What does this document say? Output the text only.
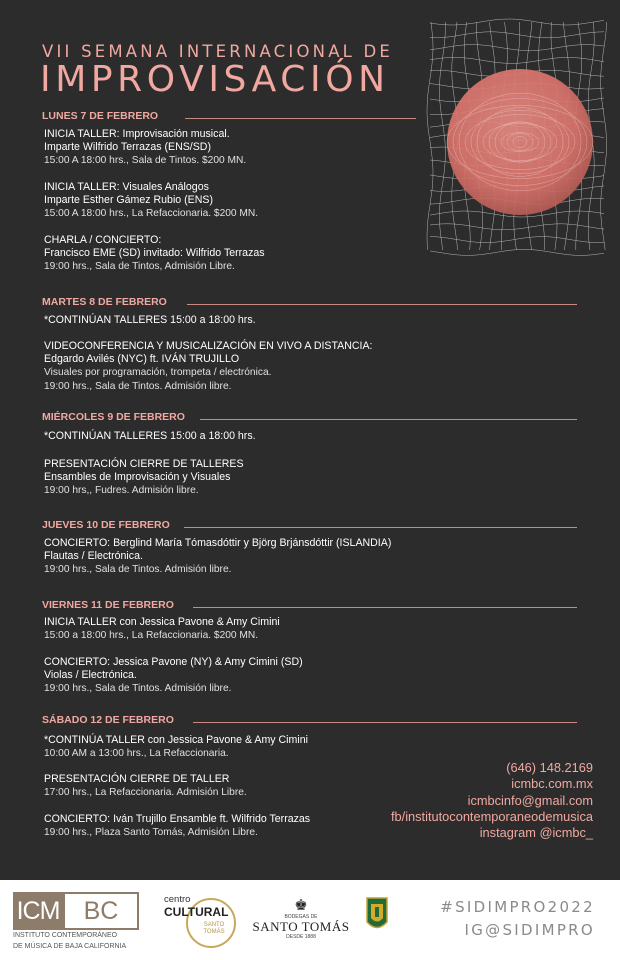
VII SEMANA INTERNACIONAL DE
IMPROVISACIÓN
LUNES 7 DE FEBRERO
INICIA TALLER: Improvisación musical.
Imparte Wilfrido Terrazas (ENS/SD)
15:00 A 18:00 hrs., Sala de Tintos. $200 MN.
INICIA TALLER: Visuales Análogos
Imparte Esther Gámez Rubio (ENS)
15:00 A 18:00 hrs., La Refaccionaria. $200 MN.
CHARLA / CONCIERTO:
Francisco EME (SD) invitado: Wilfrido Terrazas
19:00 hrs., Sala de Tintos, Admisión Libre.
MARTES 8 DE FEBRERO
*CONTINÚAN TALLERES 15:00 a 18:00 hrs.
VIDEOCONFERENCIA Y MUSICALIZACIÓN EN VIVO A DISTANCIA:
Edgardo Avilés (NYC) ft. IVÁN TRUJILLO
Visuales por programación, trompeta / electrónica.
19:00 hrs., Sala de Tintos. Admisión libre.
MIÉRCOLES 9 DE FEBRERO
*CONTINÚAN TALLERES 15:00 a 18:00 hrs.
PRESENTACIÓN CIERRE DE TALLERES
Ensambles de Improvisación y Visuales
19:00 hrs,, Fudres. Admisión libre.
JUEVES 10 DE FEBRERO
CONCIERTO: Berglind María Tómasdóttir y Björg Brjánsdóttir (ISLANDIA)
Flautas / Electrónica.
19:00 hrs., Sala de Tintos. Admisión libre.
VIERNES 11 DE FEBRERO
INICIA TALLER con Jessica Pavone & Amy Cimini
15:00 a 18:00 hrs., La Refaccionaria. $200 MN.
CONCIERTO: Jessica Pavone (NY) & Amy Cimini (SD)
Violas / Electrónica.
19:00 hrs., Sala de Tintos. Admisión libre.
SÁBADO 12 DE FEBRERO
*CONTINÚA TALLER con Jessica Pavone & Amy Cimini
10:00 AM a 13:00 hrs., La Refaccionaria.
PRESENTACIÓN CIERRE DE TALLER
17:00 hrs., La Refaccionaria. Admisión Libre.
CONCIERTO: Iván Trujillo Ensamble ft. Wilfrido Terrazas
19:00 hrs., Plaza Santo Tomás, Admisión Libre.
(646) 148.2169
icmbc.com.mx
icmbcinfo@gmail.com
fb/institutocontemporaneodemusica
instagram @icmbc_
ICM BC
INSTITUTO CONTEMPORÁNEO
DE MÚSICA DE BAJA CALIFORNIA
centro
CULTURAL
SANTO TOMÁS
♚
BODEGAS DE
SANTO TOMÁS
DESDE 1888
#SIDIMPRO2022
IG@SIDIMPRO
